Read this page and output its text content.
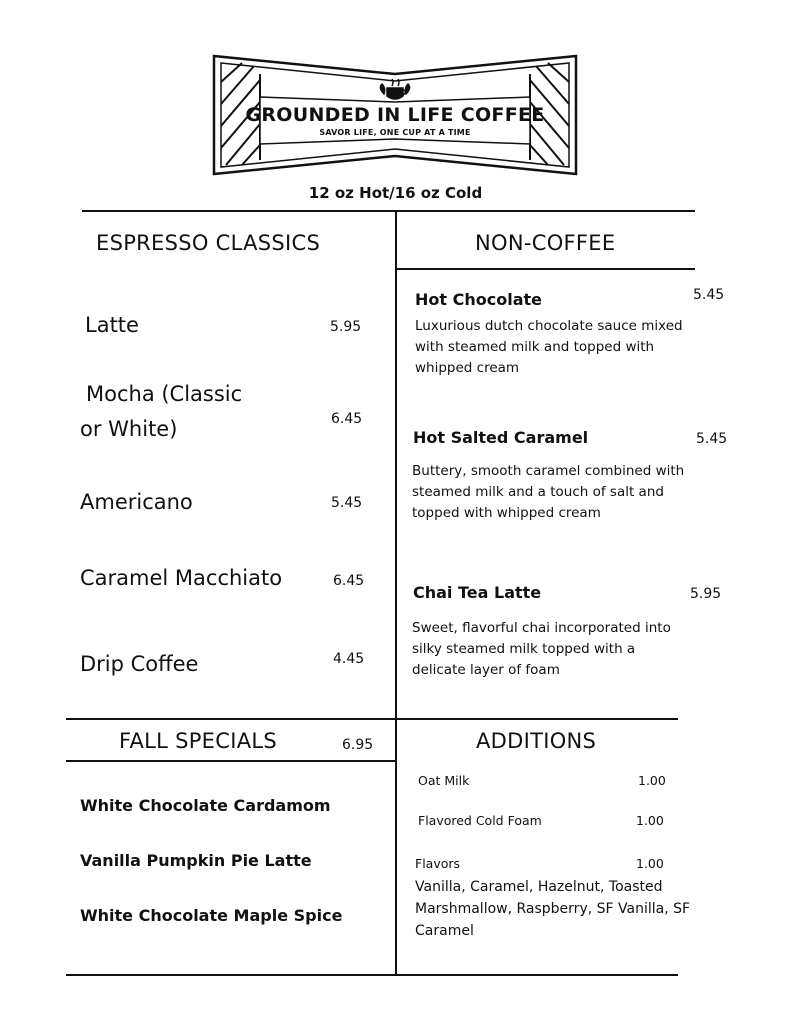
GROUNDED IN LIFE COFFEE
SAVOR LIFE, ONE CUP AT A TIME
12 oz Hot/16 oz Cold
ESPRESSO CLASSICS	NON-COFFEE
FALL SPECIALS	6.95	ADDITIONS
Latte	5.95
Mocha (Classic
or White)	6.45
Americano	5.45
Caramel Macchiato	6.45
Drip Coffee	4.45
Hot Chocolate	5.45
Luxurious dutch chocolate sauce mixed with steamed milk and topped with whipped cream
Hot Salted Caramel	5.45
Buttery, smooth caramel combined with steamed milk and a touch of salt and topped with whipped cream
Chai Tea Latte	5.95
Sweet, flavorful chai incorporated into silky steamed milk topped with a delicate layer of foam
White Chocolate Cardamom
Vanilla Pumpkin Pie Latte
White Chocolate Maple Spice
Oat Milk	1.00
Flavored Cold Foam	1.00
Flavors	1.00
Vanilla, Caramel, Hazelnut, Toasted Marshmallow, Raspberry, SF Vanilla, SF Caramel
